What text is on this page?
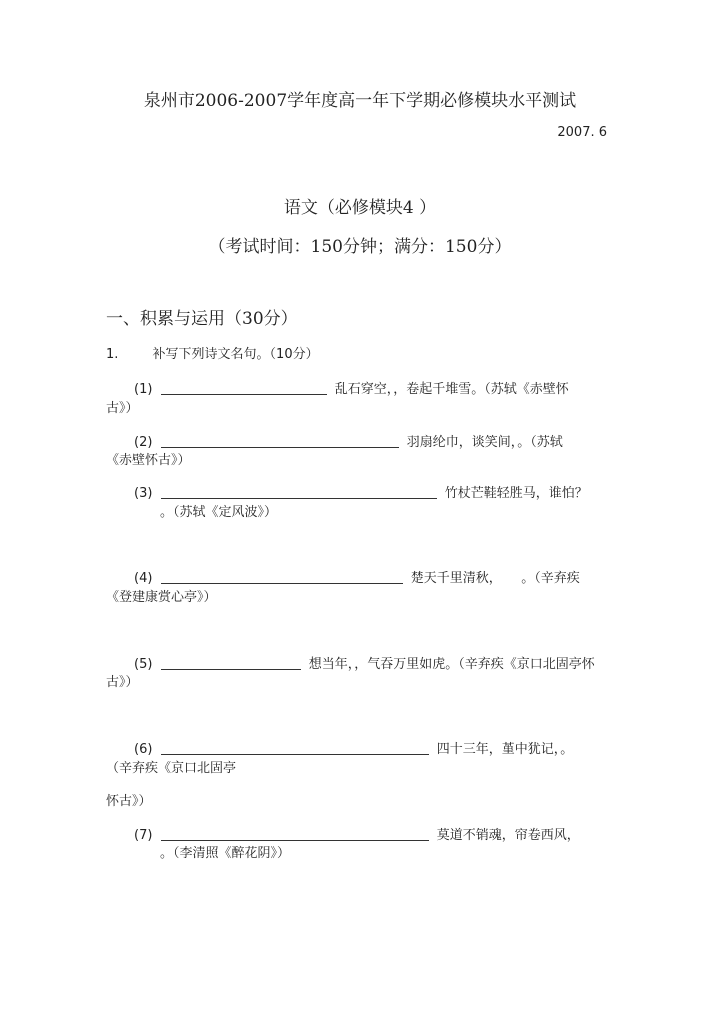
泉州市2006-2007学年度高一年下学期必修模块水平测试
2007. 6
语文（必修模块4 ）
（考试时间：150分钟；满分：150分）
一、积累与运用（30分）
1.	补写下列诗文名句。（10分）
(1)	乱石穿空，，卷起千堆雪。（苏轼《赤壁怀
古》）
(2)	羽扇纶巾，谈笑间，。（苏轼
《赤壁怀古》）
(3)	竹杖芒鞋轻胜马，谁怕？
。（苏轼《定风波》）
(4)	楚天千里清秋，　　。（辛弃疾
《登建康赏心亭》）
(5)	想当年，，气吞万里如虎。（辛弃疾《京口北固亭怀
古》）
(6)	四十三年，堇中犹记，。
（辛弃疾《京口北固亭
怀古》）
(7)	莫道不销魂，帘卷西风，
。（李清照《醉花阴》）
